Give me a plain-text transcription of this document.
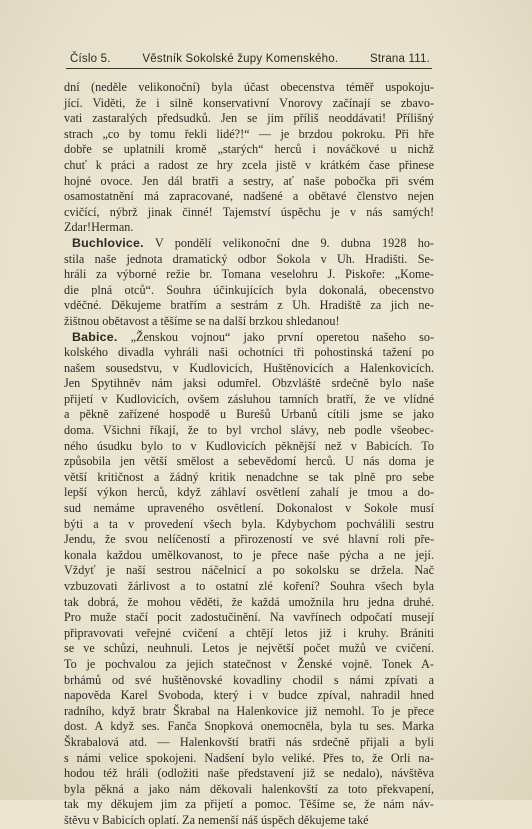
Číslo 5.	Věstník Sokolské župy Komenského.	Strana 111.
dní (neděle velikonoční) byla účast obecenstva téměř uspokoju-
jící. Viděti, že i silně konservativní Vnorovy začínají se zbavo-
vati zastaralých předsudků. Jen se jim příliš neoddávati! Přílišný
strach „co by tomu řekli lidé?!“ — je brzdou pokroku. Při hře
dobře se uplatnili kromě „starých“ herců i nováčkové u nichž
chuť k práci a radost ze hry zcela jistě v krátkém čase přinese
hojné ovoce. Jen dál bratři a sestry, ať naše pobočka při svém
osamostatnění má zapracované, nadšené a obětavé členstvo nejen
cvičící, nýbrž jinak činné! Tajemství úspěchu je v nás samých!
Zdar!Herman.
Buchlovice. V pondělí velikonoční dne 9. dubna 1928 ho-
stila naše jednota dramatický odbor Sokola v Uh. Hradišti. Se-
hráli za výborné režie br. Tomana veselohru J. Piskoře: „Kome-
die plná otců“. Souhra účinkujících byla dokonalá, obecenstvo
vděčné. Děkujeme bratřím a sestrám z Uh. Hradiště za jich ne-
žištnou obětavost a těšíme se na další brzkou shledanou!
Babice. „Ženskou vojnou“ jako první operetou našeho so-
kolského divadla vyhráli naši ochotníci tři pohostinská tažení po
našem sousedstvu, v Kudlovicích, Huštěnovicích a Halenkovicích.
Jen Spytihněv nám jaksi odumřel. Obzvláště srdečně bylo naše
přijetí v Kudlovicích, ovšem zásluhou tamních bratří, že ve vlídné
a pěkně zařízené hospodě u Burešů Urbanů cítili jsme se jako
doma. Všichni říkají, že to byl vrchol slávy, neb podle všeobec-
ného úsudku bylo to v Kudlovicích pěknější než v Babicích. To
způsobila jen větší smělost a sebevědomí herců. U nás doma je
větší kritičnost a žádný kritik nenadchne se tak plně pro sebe
lepší výkon herců, když záhlaví osvětlení zahalí je tmou a do-
sud nemáme upraveného osvětlení. Dokonalost v Sokole musí
býti a ta v provedení všech byla. Kdybychom pochválili sestru
Jendu, že svou nelíčeností a přirozeností ve své hlavní roli pře-
konala každou umělkovanost, to je přece naše pýcha a ne její.
Vždyť je naší sestrou náčelnicí a po sokolsku se držela. Nač
vzbuzovati žárlivost a to ostatní zlé koření? Souhra všech byla
tak dobrá, že mohou věděti, že každá umožnila hru jedna druhé.
Pro muže stačí pocit zadostučinění. Na vavřínech odpočatí musejí
připravovati veřejné cvičení a chtějí letos již i kruhy. Brániti
se ve schůzi, neuhnuli. Letos je největší počet mužů ve cvičení.
To je pochvalou za jejich statečnost v Ženské vojně. Tonek A-
brhámů od své huštěnovské kovadliny chodil s námi zpívati a
napověda Karel Svoboda, který i v budce zpíval, nahradil hned
radního, když bratr Škrabal na Halenkovice již nemohl. To je přece
dost. A když ses. Fanča Snopková onemocněla, byla tu ses. Marka
Škrabalová atd. — Halenkovští bratři nás srdečně přijali a byli
s námi velice spokojeni. Nadšení bylo veliké. Přes to, že Orli na-
hodou též hráli (odložiti naše představení již se nedalo), návštěva
byla pěkná a jako nám děkovali halenkovští za toto překvapení,
tak my děkujem jim za přijetí a pomoc. Těšíme se, že nám náv-
štěvu v Babicích oplatí. Za nemenší náš úspěch děkujeme také
